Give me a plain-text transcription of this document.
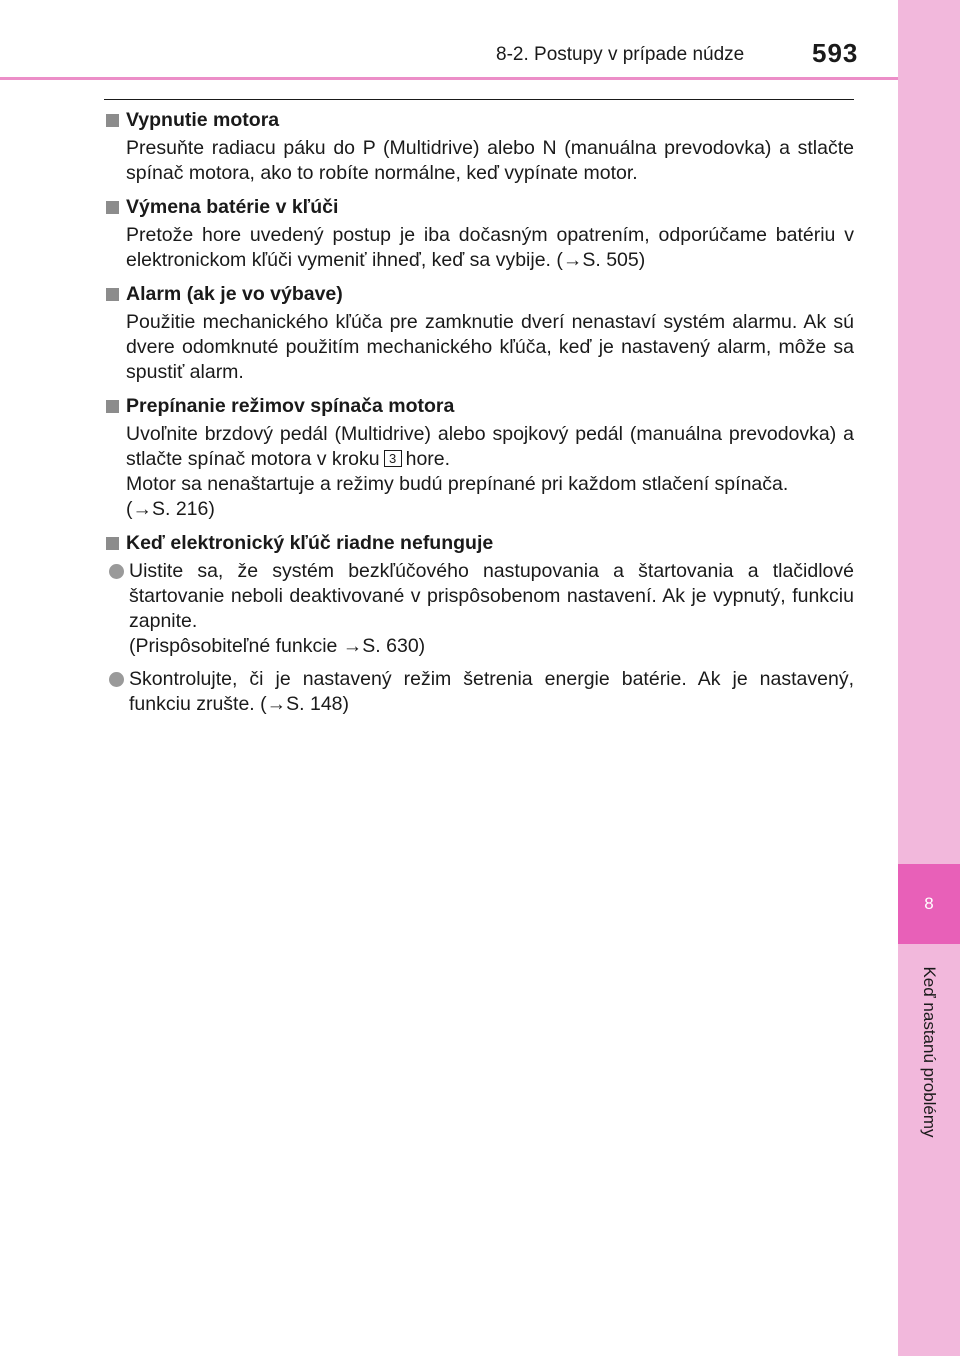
8
Keď nastanú problémy
8-2. Postupy v prípade núdze	593
Vypnutie motora
Presuňte radiacu páku do P (Multidrive) alebo N (manuálna prevodovka) a stlačte spínač motora, ako to robíte normálne, keď vypínate motor.
Výmena batérie v kľúči
Pretože hore uvedený postup je iba dočasným opatrením, odporúčame batériu v elektronickom kľúči vymeniť ihneď, keď sa vybije. (→S. 505)
Alarm (ak je vo výbave)
Použitie mechanického kľúča pre zamknutie dverí nenastaví systém alarmu. Ak sú dvere odomknuté použitím mechanického kľúča, keď je nastavený alarm, môže sa spustiť alarm.
Prepínanie režimov spínača motora
Uvoľnite brzdový pedál (Multidrive) alebo spojkový pedál (manuálna prevodovka) a stlačte spínač motora v kroku 3 hore.
Motor sa nenaštartuje a režimy budú prepínané pri každom stlačení spínača.
(→S. 216)
Keď elektronický kľúč riadne nefunguje
Uistite sa, že systém bezkľúčového nastupovania a štartovania a tlačidlové štartovanie neboli deaktivované v prispôsobenom nastavení. Ak je vypnutý, funkciu zapnite.
(Prispôsobiteľné funkcie →S. 630)
Skontrolujte, či je nastavený režim šetrenia energie batérie. Ak je nastavený, funkciu zrušte. (→S. 148)
